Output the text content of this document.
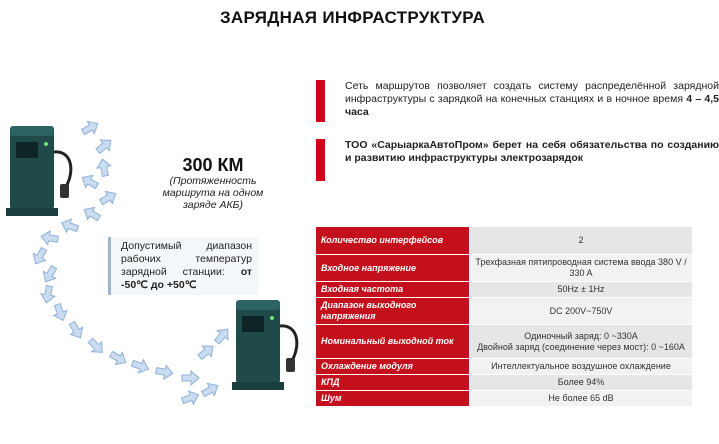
ЗАРЯДНАЯ ИНФРАСТРУКТУРА
300 КМ
(Протяженность маршрута на одном заряде АКБ)
Допустимый диапазон рабочих температур зарядной станции: от -50℃ до +50℃
Сеть маршрутов позволяет создать систему распределённой зарядной инфраструктуры с зарядкой на конечных станциях и в ночное время 4 – 4,5 часа
ТОО «СарыаркаАвтоПром» берет на себя обязательства по созданию и развитию инфраструктуры электрозарядок
Количество интерфейсов	2
Входное напряжение	Трехфазная пятипроводная система ввода 380 V / 330 A
Входная частота	50Hz ± 1Hz
Диапазон выходного напряжения	DC 200V~750V
Номинальный выходной ток	Одиночный заряд: 0 ~330A
Двойной заряд (соединение через мост): 0 ~160A
Охлаждение модуля	Интеллектуальное воздушное охлаждение
КПД	Более 94%
Шум	Не более 65 dB
